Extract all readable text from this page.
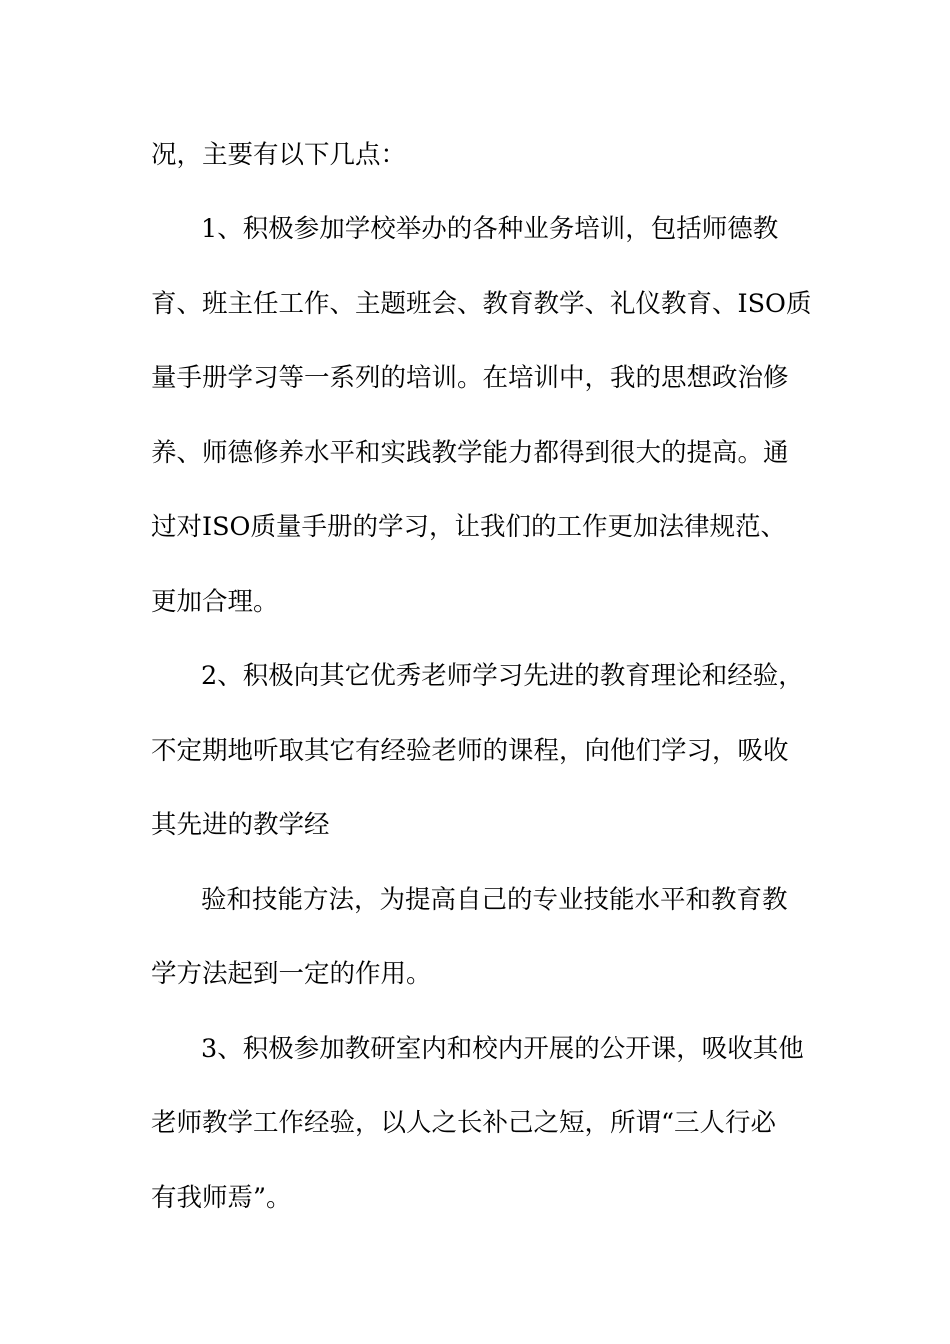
况，主要有以下几点：
1、积极参加学校举办的各种业务培训，包括师德教
育、班主任工作、主题班会、教育教学、礼仪教育、ISO质
量手册学习等一系列的培训。在培训中，我的思想政治修
养、师德修养水平和实践教学能力都得到很大的提高。通
过对ISO质量手册的学习，让我们的工作更加法律规范、
更加合理。
2、积极向其它优秀老师学习先进的教育理论和经验，
不定期地听取其它有经验老师的课程，向他们学习，吸收
其先进的教学经
验和技能方法，为提高自己的专业技能水平和教育教
学方法起到一定的作用。
3、积极参加教研室内和校内开展的公开课，吸收其他
老师教学工作经验，以人之长补己之短，所谓“三人行必
有我师焉”。
